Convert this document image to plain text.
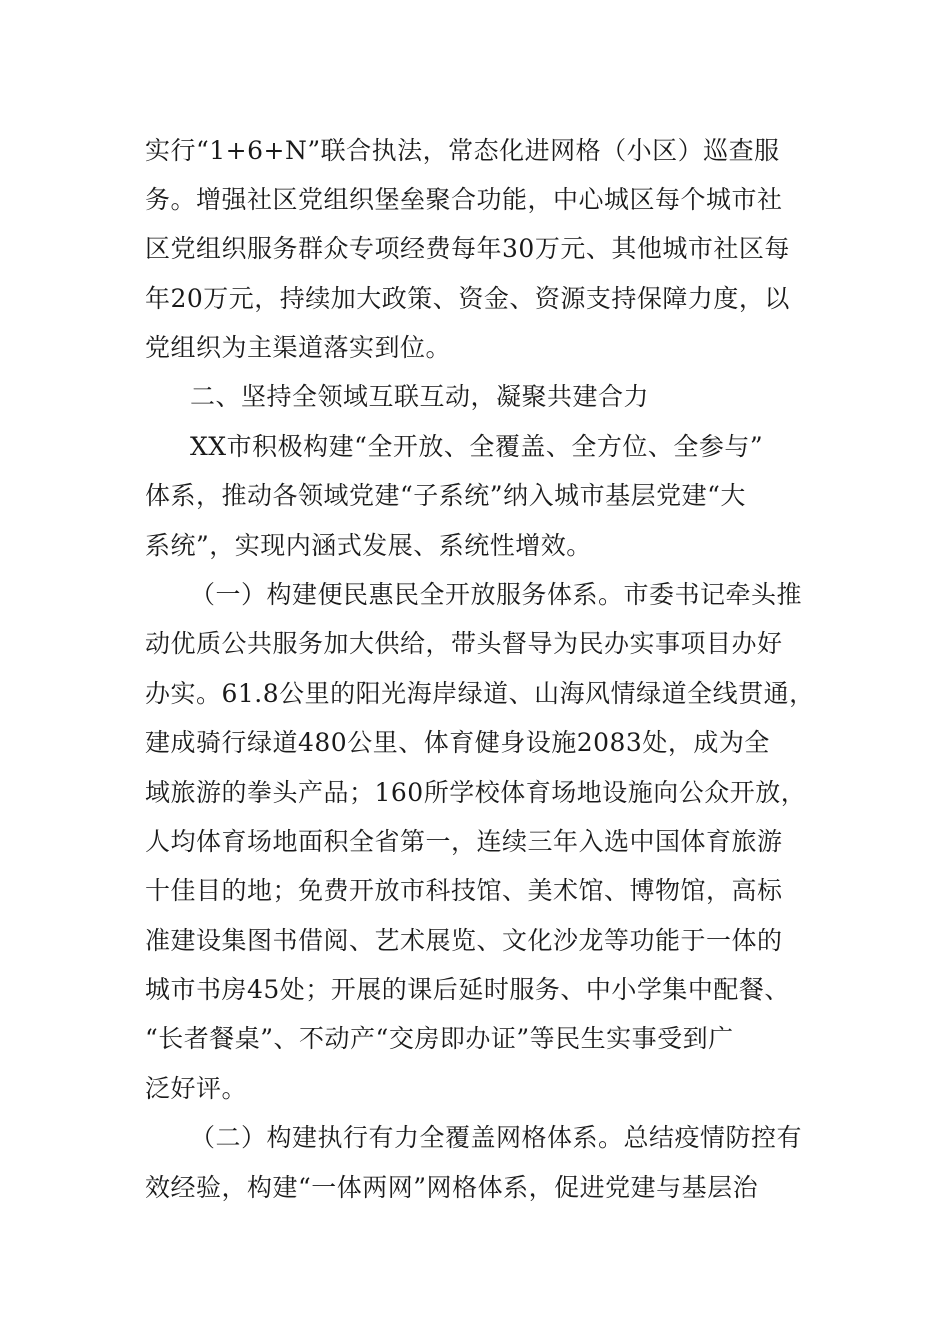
实行“1+6+N”联合执法，常态化进网格（小区）巡查服
务。增强社区党组织堡垒聚合功能，中心城区每个城市社
区党组织服务群众专项经费每年30万元、其他城市社区每
年20万元，持续加大政策、资金、资源支持保障力度，以
党组织为主渠道落实到位。
二、坚持全领域互联互动，凝聚共建合力
XX市积极构建“全开放、全覆盖、全方位、全参与”
体系，推动各领域党建“子系统”纳入城市基层党建“大
系统”，实现内涵式发展、系统性增效。
（一）构建便民惠民全开放服务体系。市委书记牵头推
动优质公共服务加大供给，带头督导为民办实事项目办好
办实。61.8公里的阳光海岸绿道、山海风情绿道全线贯通，
建成骑行绿道480公里、体育健身设施2083处，成为全
域旅游的拳头产品；160所学校体育场地设施向公众开放，
人均体育场地面积全省第一，连续三年入选中国体育旅游
十佳目的地；免费开放市科技馆、美术馆、博物馆，高标
准建设集图书借阅、艺术展览、文化沙龙等功能于一体的
城市书房45处；开展的课后延时服务、中小学集中配餐、
“长者餐桌”、不动产“交房即办证”等民生实事受到广
泛好评。
（二）构建执行有力全覆盖网格体系。总结疫情防控有
效经验，构建“一体两网”网格体系，促进党建与基层治
